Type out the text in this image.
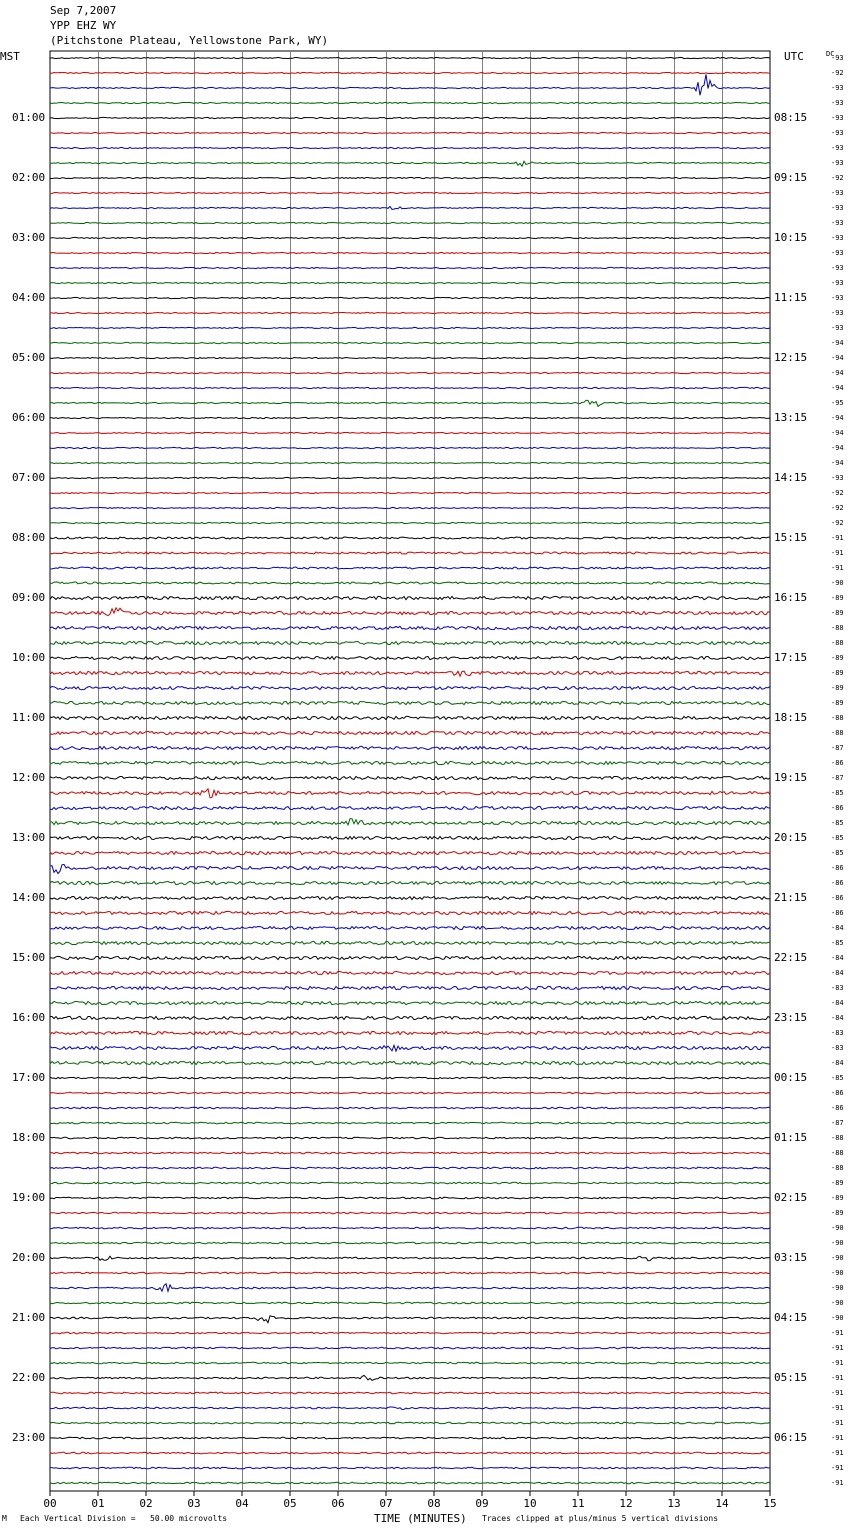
Sep 7,2007
YPP EHZ WY
(Pitchstone Plateau, Yellowstone Park, WY)
MST	UTC	DC
01:00
02:00
03:00
04:00
05:00
06:00
07:00
08:00
09:00
10:00
11:00
12:00
13:00
14:00
15:00
16:00
17:00
18:00
19:00
20:00
21:00
22:00
23:00
08:15
09:15
10:15
11:15
12:15
13:15
14:15
15:15
16:15
17:15
18:15
19:15
20:15
21:15
22:15
23:15
00:15
01:15
02:15
03:15
04:15
05:15
06:15
-93
-92
-93
-93
-93
-93
-93
-93
-92
-93
-93
-93
-93
-93
-93
-93
-93
-93
-93
-94
-94
-94
-94
-95
-94
-94
-94
-94
-93
-92
-92
-92
-91
-91
-91
-90
-89
-89
-88
-88
-89
-89
-89
-89
-88
-88
-87
-86
-87
-85
-86
-85
-85
-85
-86
-86
-86
-86
-84
-85
-84
-84
-83
-84
-84
-83
-83
-84
-85
-86
-86
-87
-88
-88
-88
-89
-89
-89
-90
-90
-90
-90
-90
-90
-90
-91
-91
-91
-91
-91
-91
-91
-91
-91
-91
-91
00	01	02	03	04	05	06	07	08	09	10	11	12	13	14	15
M Each Vertical Division =   50.00 microvolts	TIME (MINUTES) Traces clipped at plus/minus 5 vertical divisions
